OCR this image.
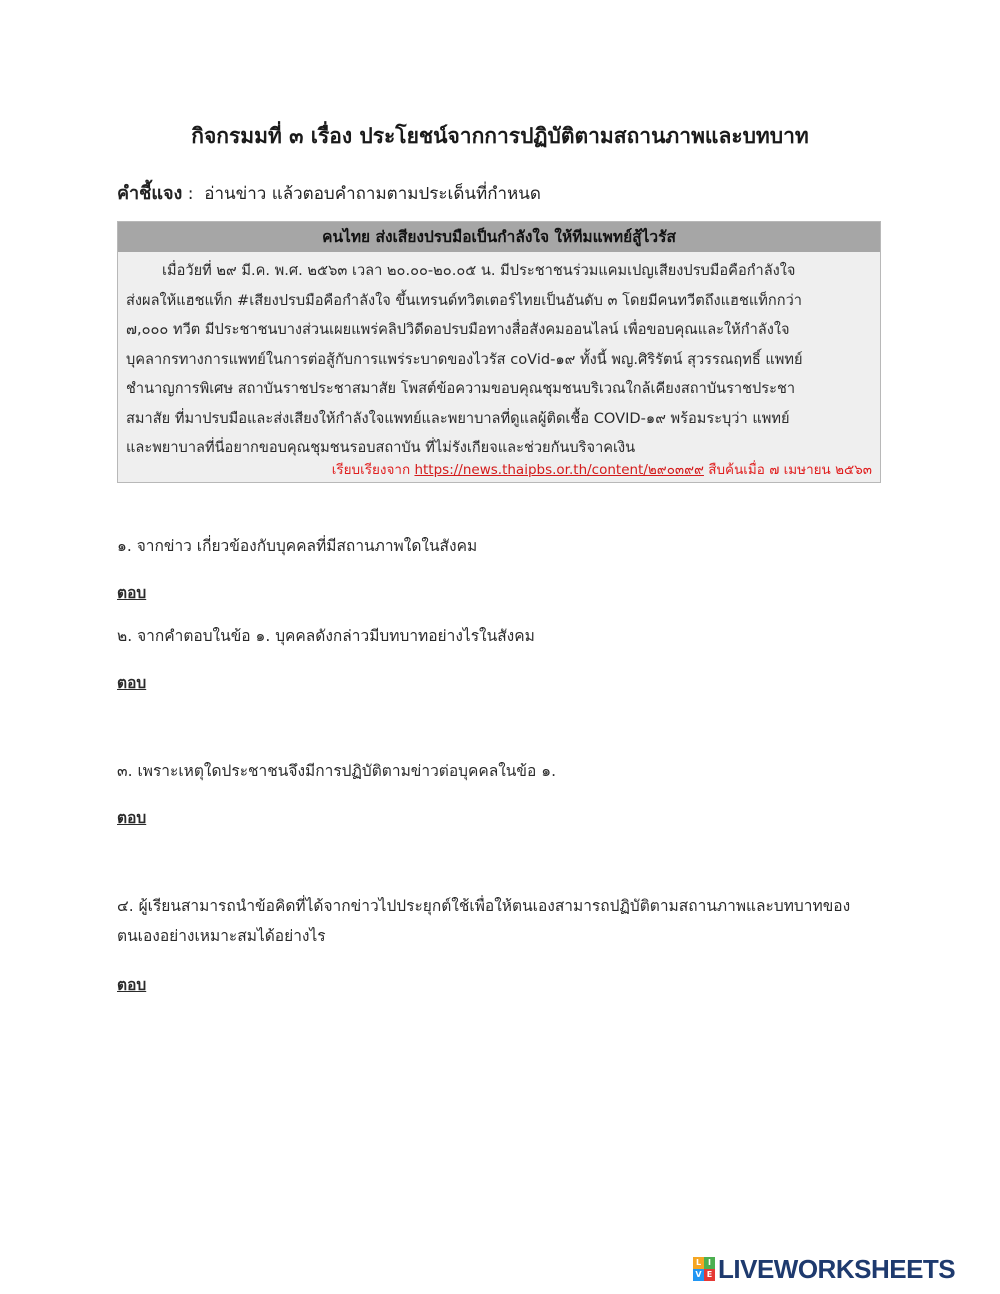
กิจกรมมที่ ๓ เรื่อง ประโยชน์จากการปฏิบัติตามสถานภาพและบทบาท
คำชี้แจง :  อ่านข่าว แล้วตอบคำถามตามประเด็นที่กำหนด
คนไทย ส่งเสียงปรบมือเป็นกำลังใจ ให้ทีมแพทย์สู้ไวรัส
เมื่อวัยที่ ๒๙ มี.ค. พ.ศ. ๒๕๖๓ เวลา ๒๐.๐๐-๒๐.๐๕ น. มีประชาชนร่วมแคมเปญเสียงปรบมือคือกำลังใจ
ส่งผลให้แฮชแท็ก #เสียงปรบมือคือกำลังใจ ขึ้นเทรนด์ทวิตเตอร์ไทยเป็นอันดับ ๓ โดยมีคนทวีตถึงแฮชแท็กกว่า
๗,๐๐๐ ทวีต มีประชาชนบางส่วนเผยแพร่คลิปวิดีดอปรบมือทางสื่อสังคมออนไลน์ เพื่อขอบคุณและให้กำลังใจ
บุคลากรทางการแพทย์ในการต่อสู้กับการแพร่ระบาดของไวรัส coVid-๑๙ ทั้งนี้ พญ.ศิริรัตน์ สุวรรณฤทธิ์ แพทย์
ชำนาญการพิเศษ สถาบันราชประชาสมาสัย โพสต์ข้อความขอบคุณชุมชนบริเวณใกล้เคียงสถาบันราชประชา
สมาสัย ที่มาปรบมือและส่งเสียงให้กำลังใจแพทย์และพยาบาลที่ดูแลผู้ติดเชื้อ COVID-๑๙ พร้อมระบุว่า แพทย์
และพยาบาลที่นี่อยากขอบคุณชุมชนรอบสถาบัน ที่ไม่รังเกียจและช่วยกันบริจาคเงิน
เรียบเรียงจาก https://news.thaipbs.or.th/content/๒๙๐๓๙๙ สืบค้นเมื่อ ๗ เมษายน ๒๕๖๓
๑. จากข่าว เกี่ยวข้องกับบุคคลที่มีสถานภาพใดในสังคม
ตอบ
๒. จากคำตอบในข้อ ๑. บุคคลดังกล่าวมีบทบาทอย่างไรในสังคม
ตอบ
๓. เพราะเหตุใดประชาชนจึงมีการปฏิบัติตามข่าวต่อบุคคลในข้อ ๑.
ตอบ
๔. ผู้เรียนสามารถนำข้อคิดที่ได้จากข่าวไปประยุกต์ใช้เพื่อให้ตนเองสามารถปฏิบัติตามสถานภาพและบทบาทของ
ตนเองอย่างเหมาะสมได้อย่างไร
ตอบ
L I
V E LIVEWORKSHEETS
